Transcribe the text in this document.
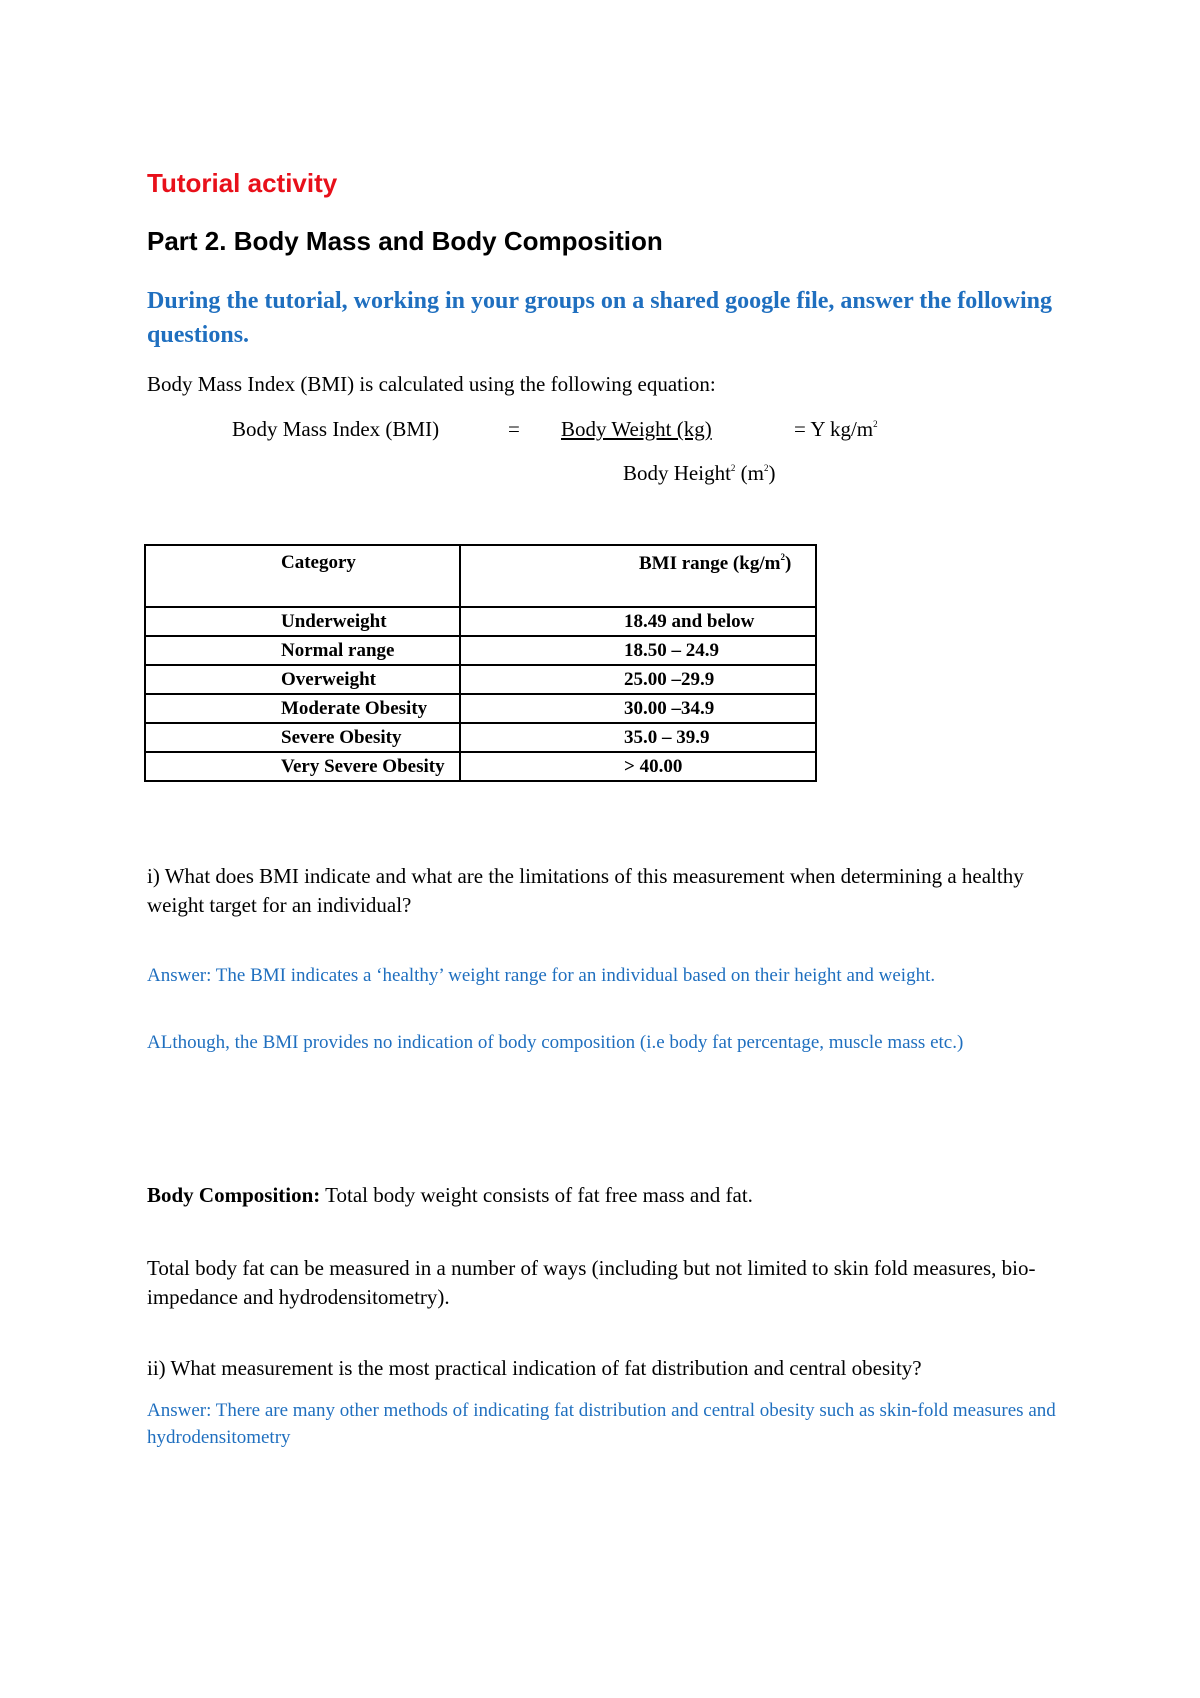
Tutorial activity
Part 2. Body Mass and Body Composition
During the tutorial, working in your groups on a shared google file, answer the following questions.
Body Mass Index (BMI) is calculated using the following equation:
Body Mass Index (BMI)	= Body Weight (kg)	= Y $kg/m^2$
Body Height$^2$ $(m^2)$
Category	BMI range $(kg/m^2)$
Underweight	18.49 and below
Normal range	18.50 – 24.9
Overweight	25.00 –29.9
Moderate Obesity	30.00 –34.9
Severe Obesity	35.0 – 39.9
Very Severe Obesity	> 40.00
i) What does BMI indicate and what are the limitations of this measurement when determining a healthy weight target for an individual?
Answer: The BMI indicates a ‘healthy’ weight range for an individual based on their height and weight.
ALthough, the BMI provides no indication of body composition (i.e body fat percentage, muscle mass etc.)
Body Composition: Total body weight consists of fat free mass and fat.
Total body fat can be measured in a number of ways (including but not limited to skin fold measures, bio-impedance and hydrodensitometry).
ii) What measurement is the most practical indication of fat distribution and central obesity?
Answer: There are many other methods of indicating fat distribution and central obesity such as skin-fold measures and hydrodensitometry
